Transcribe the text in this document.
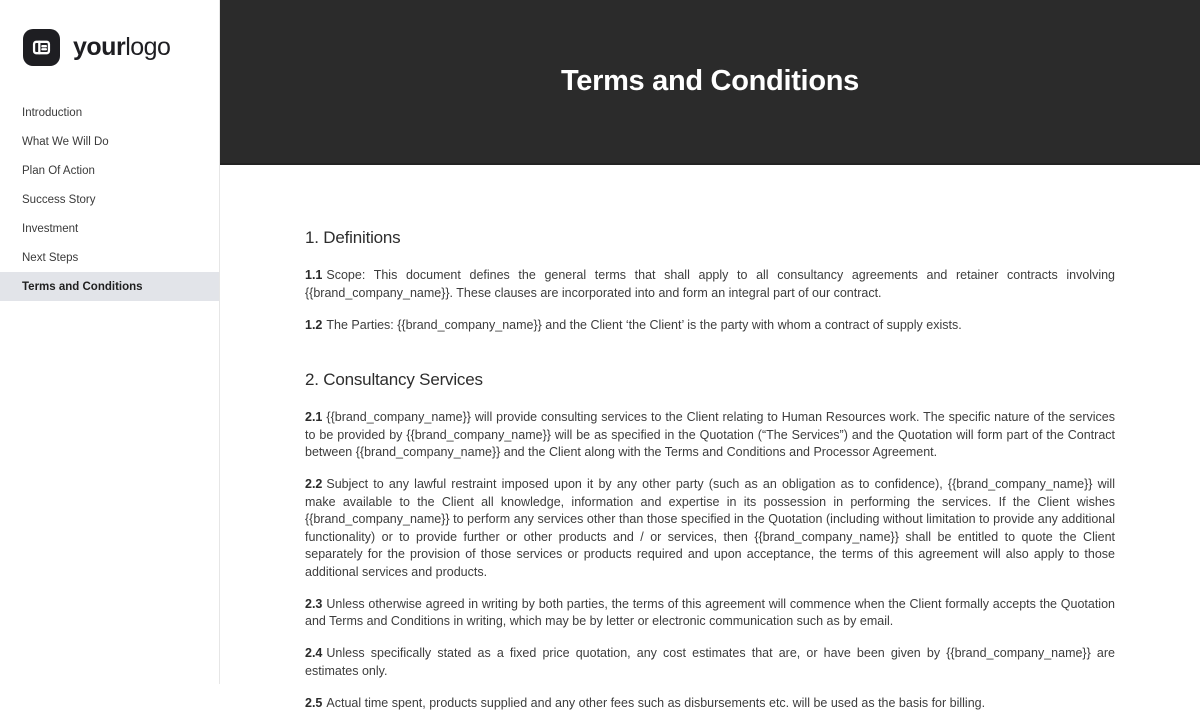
yourlogo
Introduction
What We Will Do
Plan Of Action
Success Story
Investment
Next Steps
Terms and Conditions
Terms and Conditions
1. Definitions

1.1 Scope: This document defines the general terms that shall apply to all consultancy agreements and retainer contracts involving {{brand_company_name}}. These clauses are incorporated into and form an integral part of our contract.

1.2 The Parties: {{brand_company_name}} and the Client ‘the Client’ is the party with whom a contract of supply exists.

2. Consultancy Services

2.1 {{brand_company_name}} will provide consulting services to the Client relating to Human Resources work. The specific nature of the services to be provided by {{brand_company_name}} will be as specified in the Quotation (“The Services”) and the Quotation will form part of the Contract between {{brand_company_name}} and the Client along with the Terms and Conditions and Processor Agreement.

2.2 Subject to any lawful restraint imposed upon it by any other party (such as an obligation as to confidence), {{brand_company_name}} will make available to the Client all knowledge, information and expertise in its possession in performing the services. If the Client wishes {{brand_company_name}} to perform any services other than those specified in the Quotation (including without limitation to provide any additional functionality) or to provide further or other products and / or services, then {{brand_company_name}} shall be entitled to quote the Client separately for the provision of those services or products required and upon acceptance, the terms of this agreement will also apply to those additional services and products.

2.3 Unless otherwise agreed in writing by both parties, the terms of this agreement will commence when the Client formally accepts the Quotation and Terms and Conditions in writing, which may be by letter or electronic communication such as by email.

2.4 Unless specifically stated as a fixed price quotation, any cost estimates that are, or have been given by {{brand_company_name}} are estimates only.

2.5 Actual time spent, products supplied and any other fees such as disbursements etc. will be used as the basis for billing.
